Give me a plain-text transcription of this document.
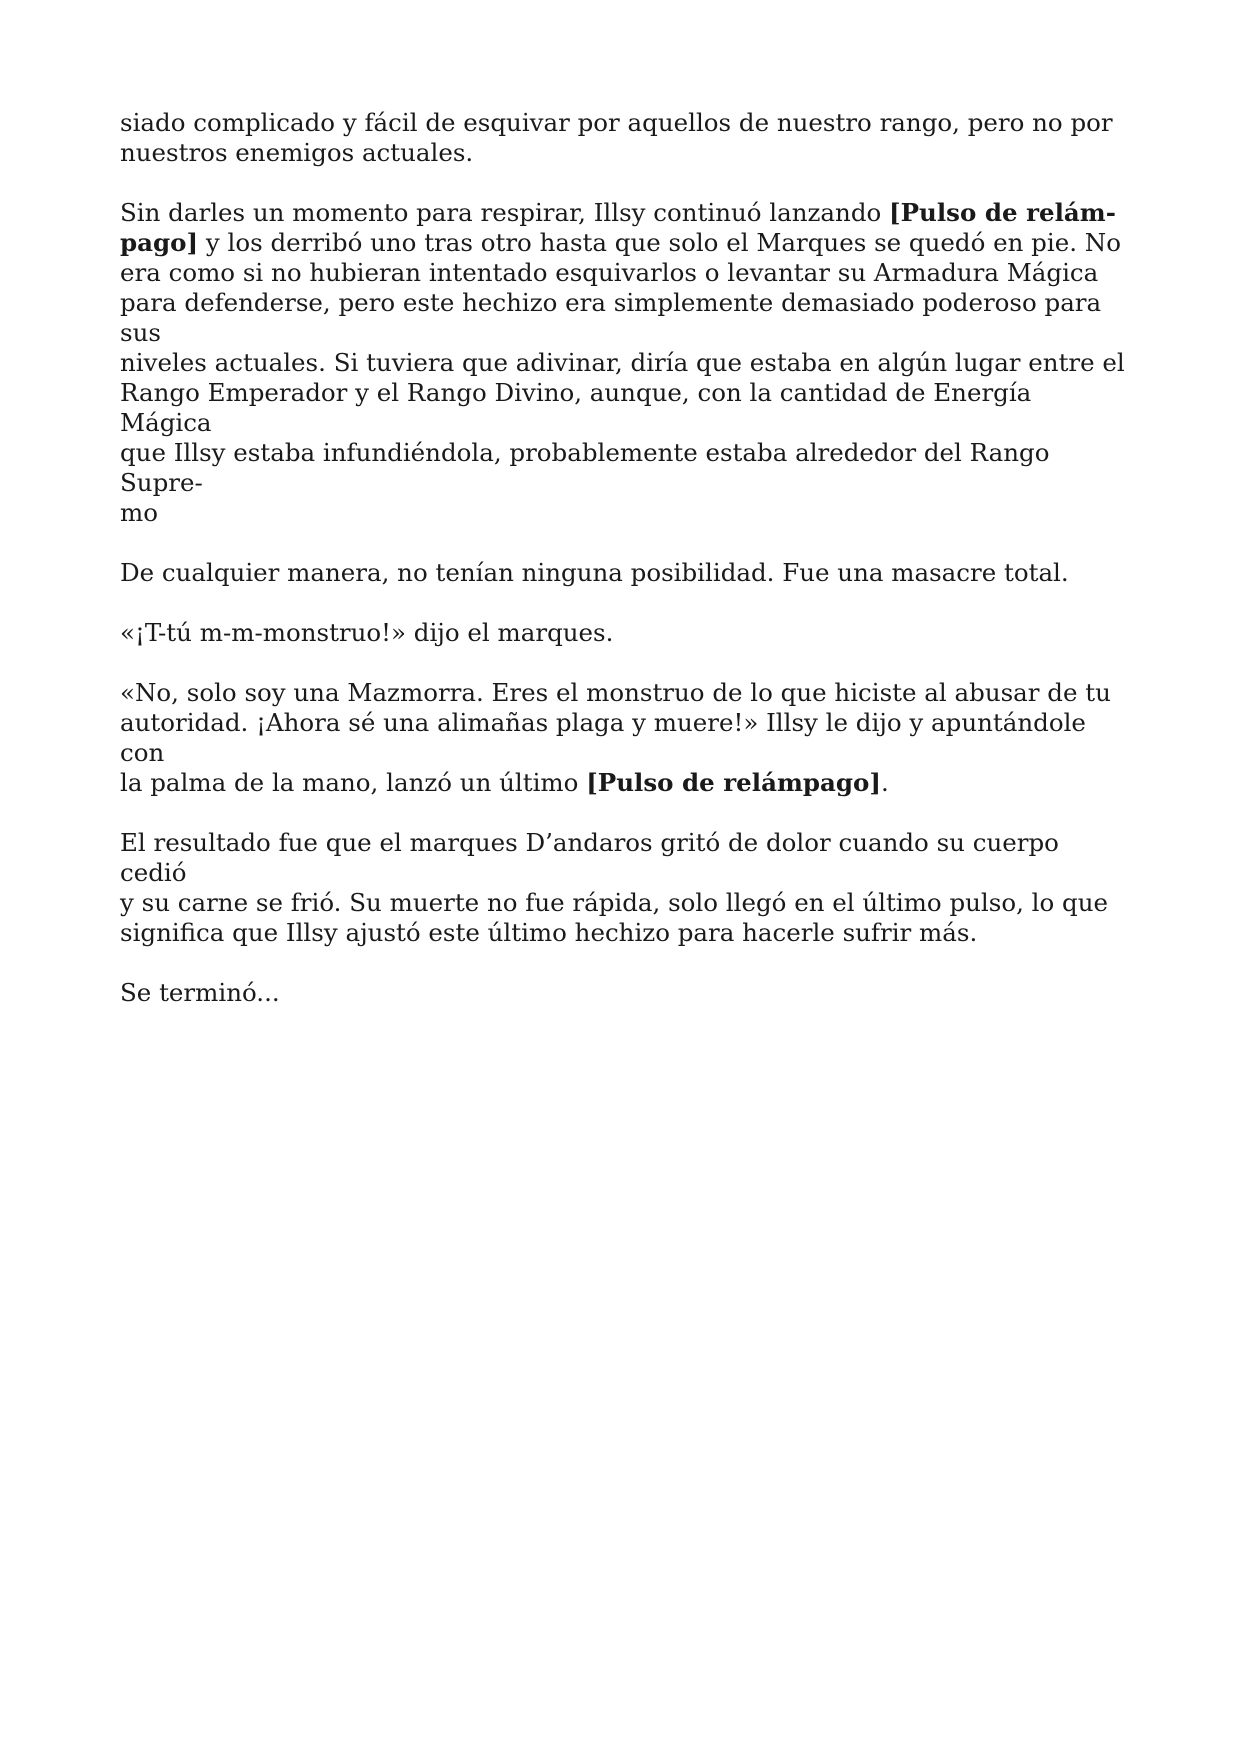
siado complicado y fácil de esquivar por aquellos de nuestro rango, pero no por
nuestros enemigos actuales.

Sin darles un momento para respirar, Illsy continuó lanzando [Pulso de relám-
pago] y los derribó uno tras otro hasta que solo el Marques se quedó en pie. No
era como si no hubieran intentado esquivarlos o levantar su Armadura Mágica
para defenderse, pero este hechizo era simplemente demasiado poderoso para sus
niveles actuales. Si tuviera que adivinar, diría que estaba en algún lugar entre el
Rango Emperador y el Rango Divino, aunque, con la cantidad de Energía Mágica
que Illsy estaba infundiéndola, probablemente estaba alrededor del Rango Supre-
mo

De cualquier manera, no tenían ninguna posibilidad. Fue una masacre total.

«¡T-tú m-m-monstruo!» dijo el marques.

«No, solo soy una Mazmorra. Eres el monstruo de lo que hiciste al abusar de tu
autoridad. ¡Ahora sé una alimañas plaga y muere!» Illsy le dijo y apuntándole con
la palma de la mano, lanzó un último [Pulso de relámpago].

El resultado fue que el marques D’andaros gritó de dolor cuando su cuerpo cedió
y su carne se frió. Su muerte no fue rápida, solo llegó en el último pulso, lo que
significa que Illsy ajustó este último hechizo para hacerle sufrir más.

Se terminó...
